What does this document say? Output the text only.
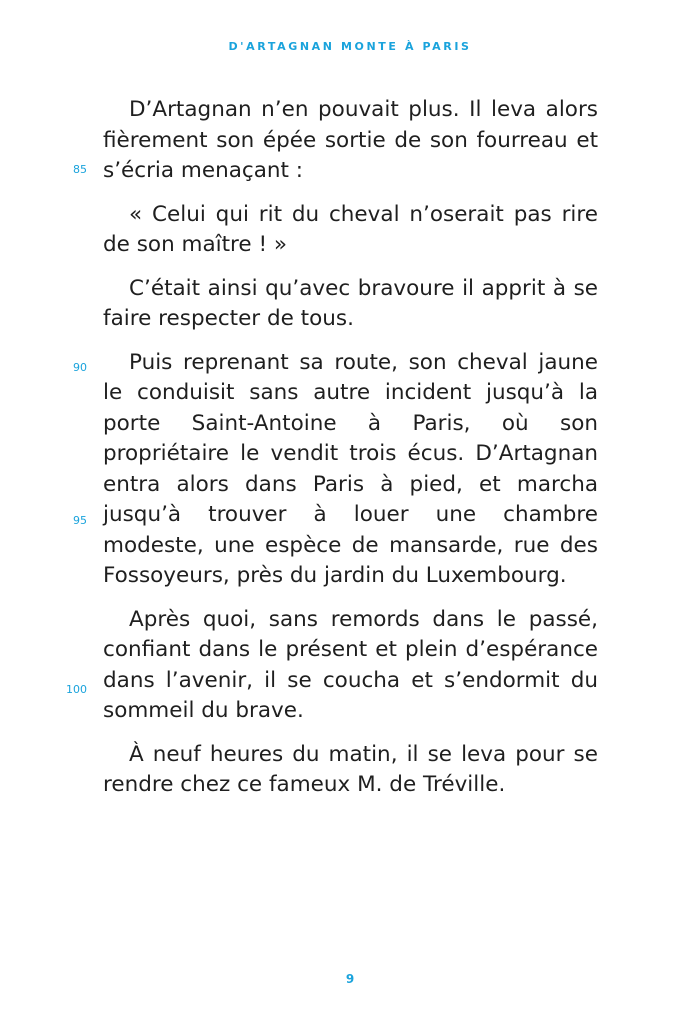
D'ARTAGNAN MONTE À PARIS
85
90
95
100

D’Artagnan n’en pouvait plus. Il leva alors fièrement son épée sortie de son fourreau et s’écria menaçant :

« Celui qui rit du cheval n’oserait pas rire de son maître ! »

C’était ainsi qu’avec bravoure il apprit à se faire respecter de tous.

Puis reprenant sa route, son cheval jaune le conduisit sans autre incident jusqu’à la porte Saint-Antoine à Paris, où son propriétaire le vendit trois écus. D’Artagnan entra alors dans Paris à pied, et marcha jusqu’à trouver à louer une chambre modeste, une espèce de mansarde, rue des Fossoyeurs, près du jardin du Luxembourg.

Après quoi, sans remords dans le passé, confiant dans le présent et plein d’espérance dans l’avenir, il se coucha et s’endormit du sommeil du brave.

À neuf heures du matin, il se leva pour se rendre chez ce fameux M. de Tréville.

9
